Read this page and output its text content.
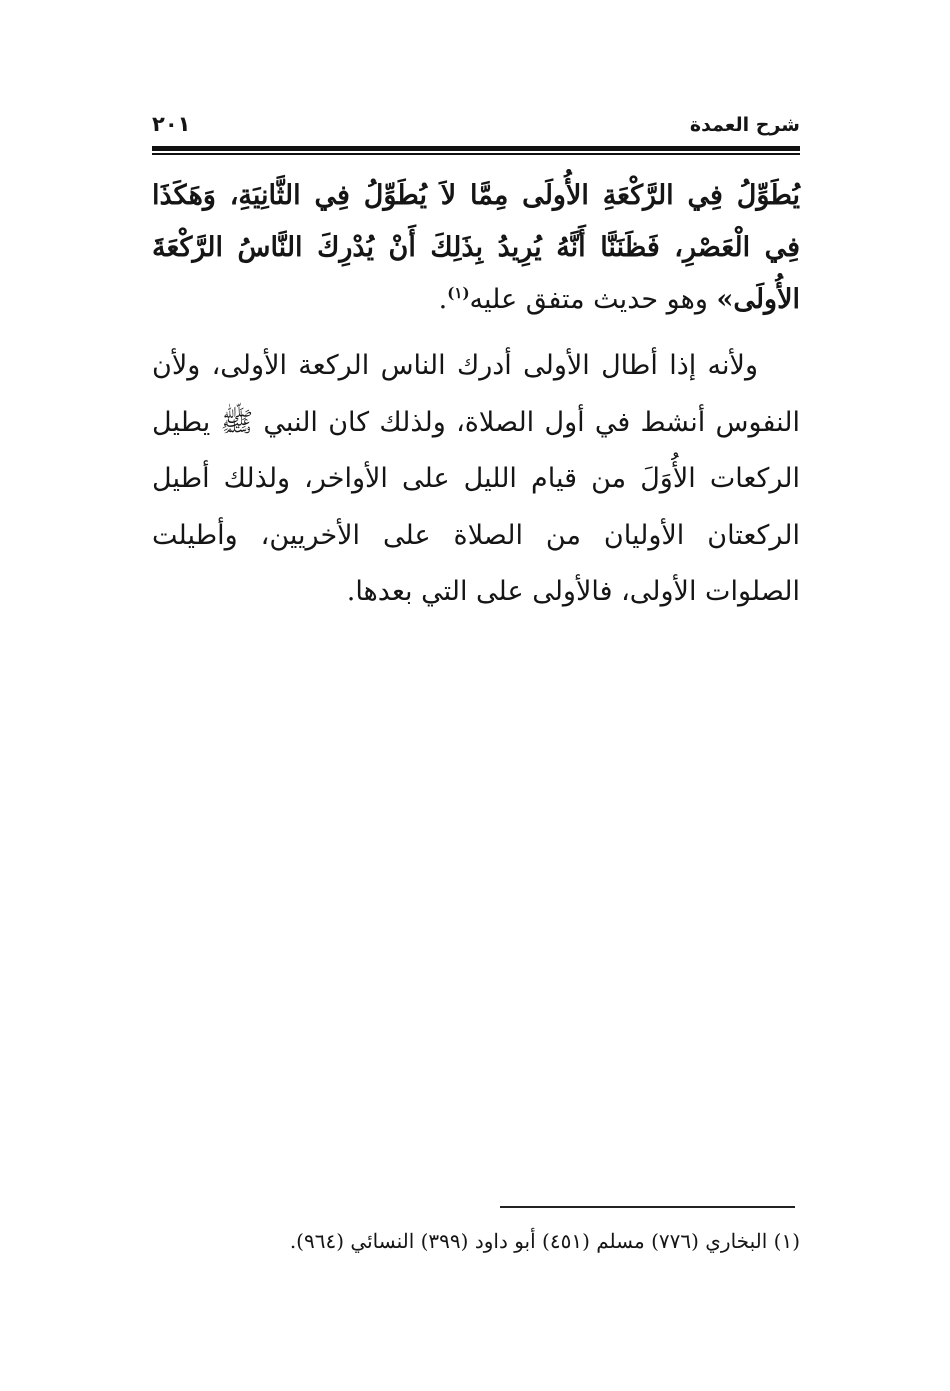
شرح العمدة
٢٠١

يُطَوِّلُ فِي الرَّكْعَةِ الأُولَى مِمَّا لاَ يُطَوِّلُ فِي الثَّانِيَةِ، وَهَكَذَا فِي الْعَصْرِ، فَظَنَنَّا أَنَّهُ يُرِيدُ بِذَلِكَ أَنْ يُدْرِكَ النَّاسُ الرَّكْعَةَ الأُولَى» وهو حديث متفق عليه$^{(١)}$.

ولأنه إذا أطال الأولى أدرك الناس الركعة الأولى، ولأن النفوس أنشط في أول الصلاة، ولذلك كان النبي ﷺ يطيل الركعات الأُوَلَ من قيام الليل على الأواخر، ولذلك أطيل الركعتان الأوليان من الصلاة على الأخريين، وأطيلت الصلوات الأولى، فالأولى على التي بعدها.

(١) البخاري (٧٧٦) مسلم (٤٥١) أبو داود (٣٩٩) النسائي (٩٦٤).
